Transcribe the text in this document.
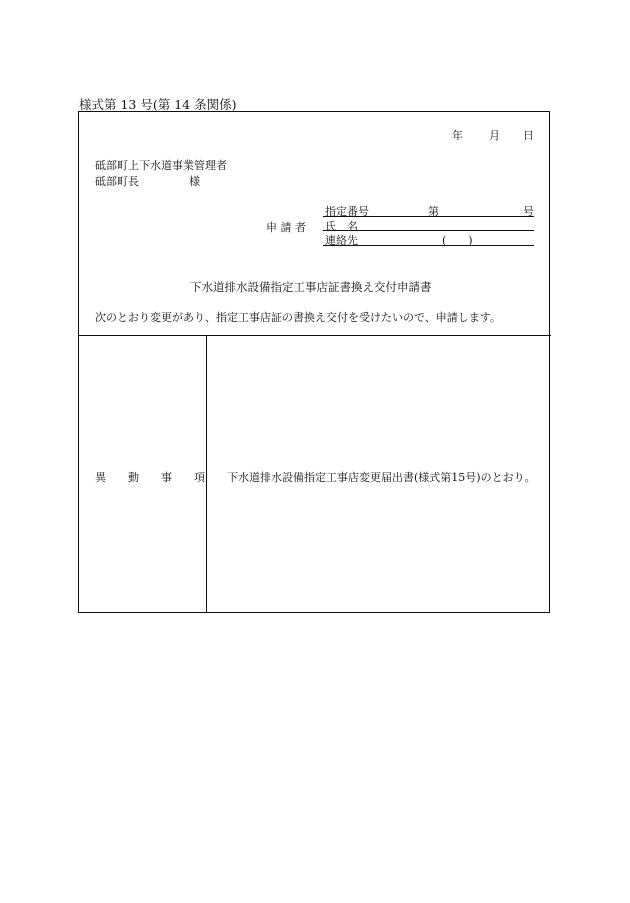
様式第 13 号(第 14 条関係)
年 月 日
砥部町上下水道事業管理者
砥部町長	様
申 請 者
指定番号	第	号
氏　名
連絡先	(　　)
下水道排水設備指定工事店証書換え交付申請書
次のとおり変更があり、指定工事店証の書換え交付を受けたいので、申請します。
異　　動　　事　　項 下水道排水設備指定工事店変更届出書(様式第15号)のとおり。
